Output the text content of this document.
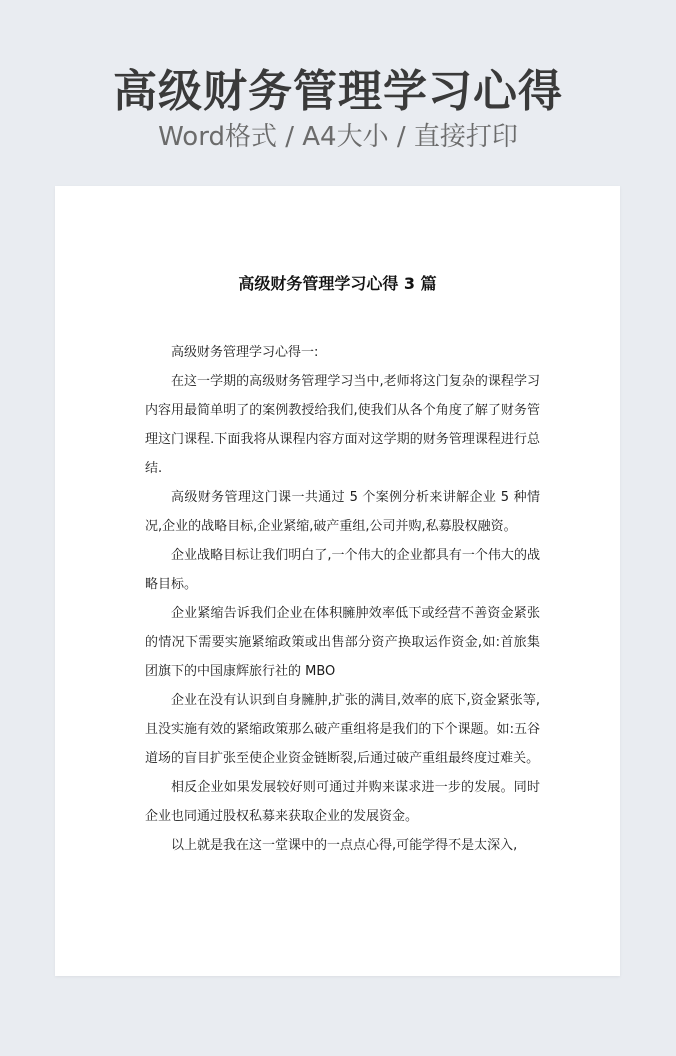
高级财务管理学习心得
Word格式 / A4大小 / 直接打印
高级财务管理学习心得 3 篇

高级财务管理学习心得一:

在这一学期的高级财务管理学习当中,老师将这门复杂的课程学习内容用最简单明了的案例教授给我们,使我们从各个角度了解了财务管理这门课程.下面我将从课程内容方面对这学期的财务管理课程进行总结.

高级财务管理这门课一共通过 5 个案例分析来讲解企业 5 种情况,企业的战略目标,企业紧缩,破产重组,公司并购,私募股权融资。

企业战略目标让我们明白了,一个伟大的企业都具有一个伟大的战略目标。

企业紧缩告诉我们企业在体积臃肿效率低下或经营不善资金紧张的情况下需要实施紧缩政策或出售部分资产换取运作资金,如:首旅集团旗下的中国康辉旅行社的 MBO

企业在没有认识到自身臃肿,扩张的满目,效率的底下,资金紧张等,且没实施有效的紧缩政策那么破产重组将是我们的下个课题。如:五谷道场的盲目扩张至使企业资金链断裂,后通过破产重组最终度过难关。

相反企业如果发展较好则可通过并购来谋求进一步的发展。同时企业也同通过股权私募来获取企业的发展资金。

以上就是我在这一堂课中的一点点心得,可能学得不是太深入,
